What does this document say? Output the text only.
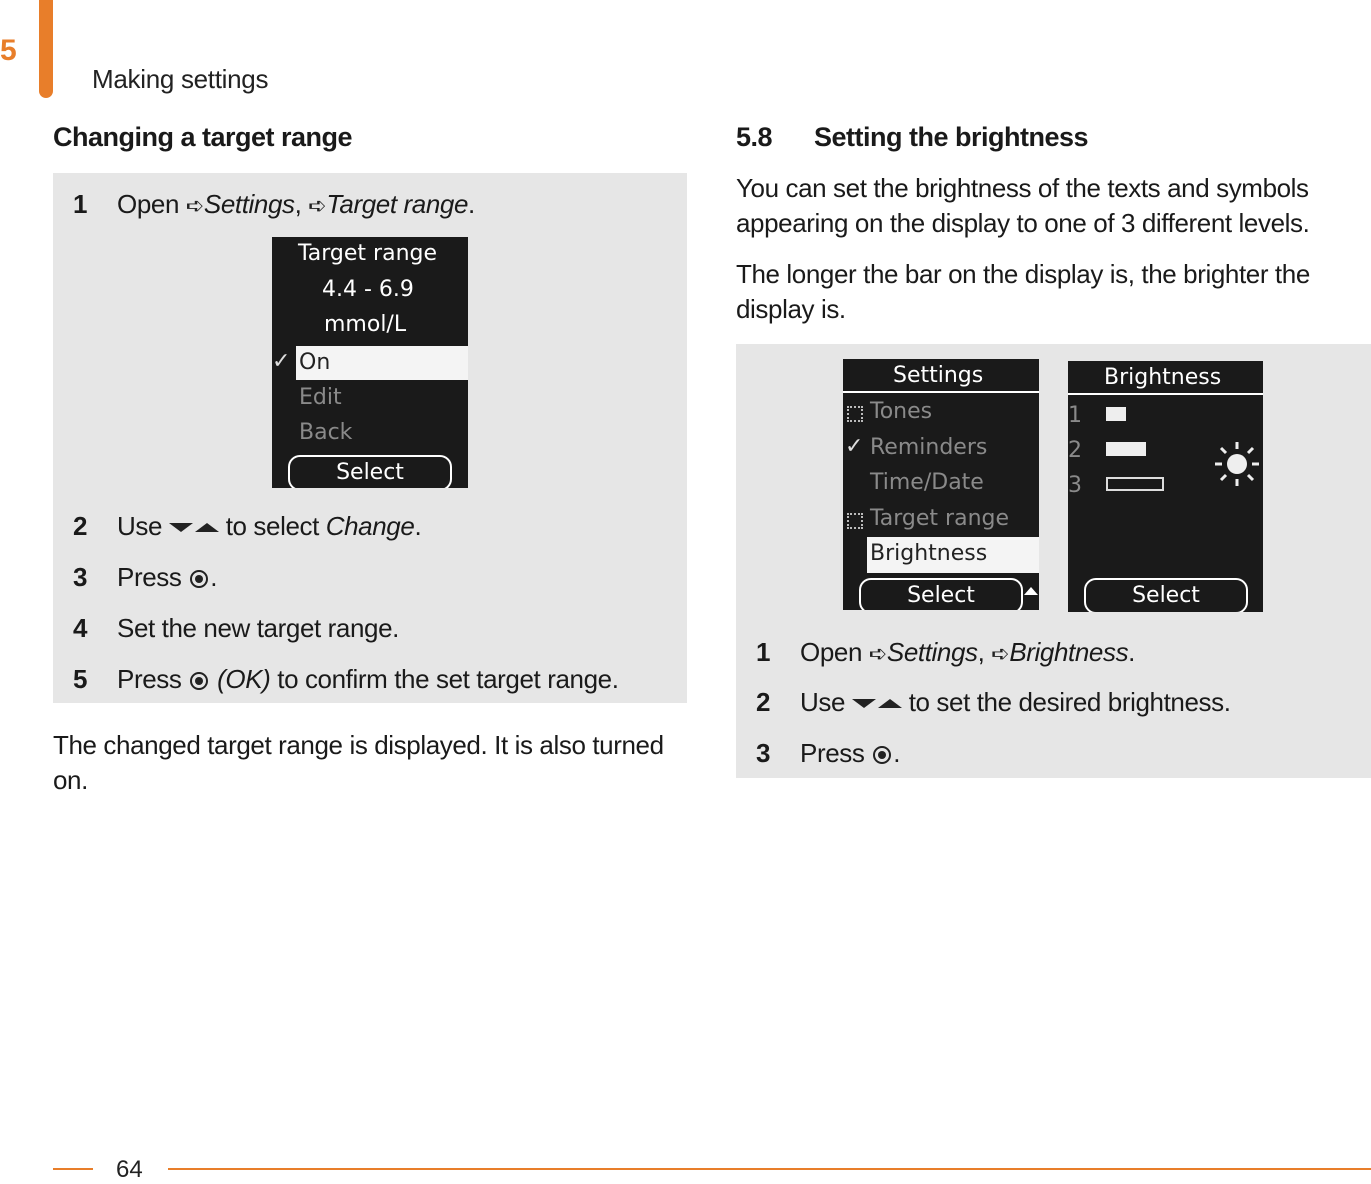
5
Making settings
Changing a target range
1	Open ➪Settings, ➪Target range.
Target range
4.4 - 6.9
mmol/L
✓ On
Edit
Back
Select
2	Use  to select Change.
3	Press .
4	Set the new target range.
5	Press  (OK) to confirm the set target range.
The changed target range is displayed. It is also turned on.
5.8 Setting the brightness
You can set the brightness of the texts and symbols appearing on the display to one of 3 different levels.
The longer the bar on the display is, the brighter the display is.
Settings
Tones
✓ Reminders
Time/Date
Target range
Brightness
Select
Brightness
1
2
3
Select
1	Open ➪Settings, ➪Brightness.
2	Use  to set the desired brightness.
3	Press .
64
